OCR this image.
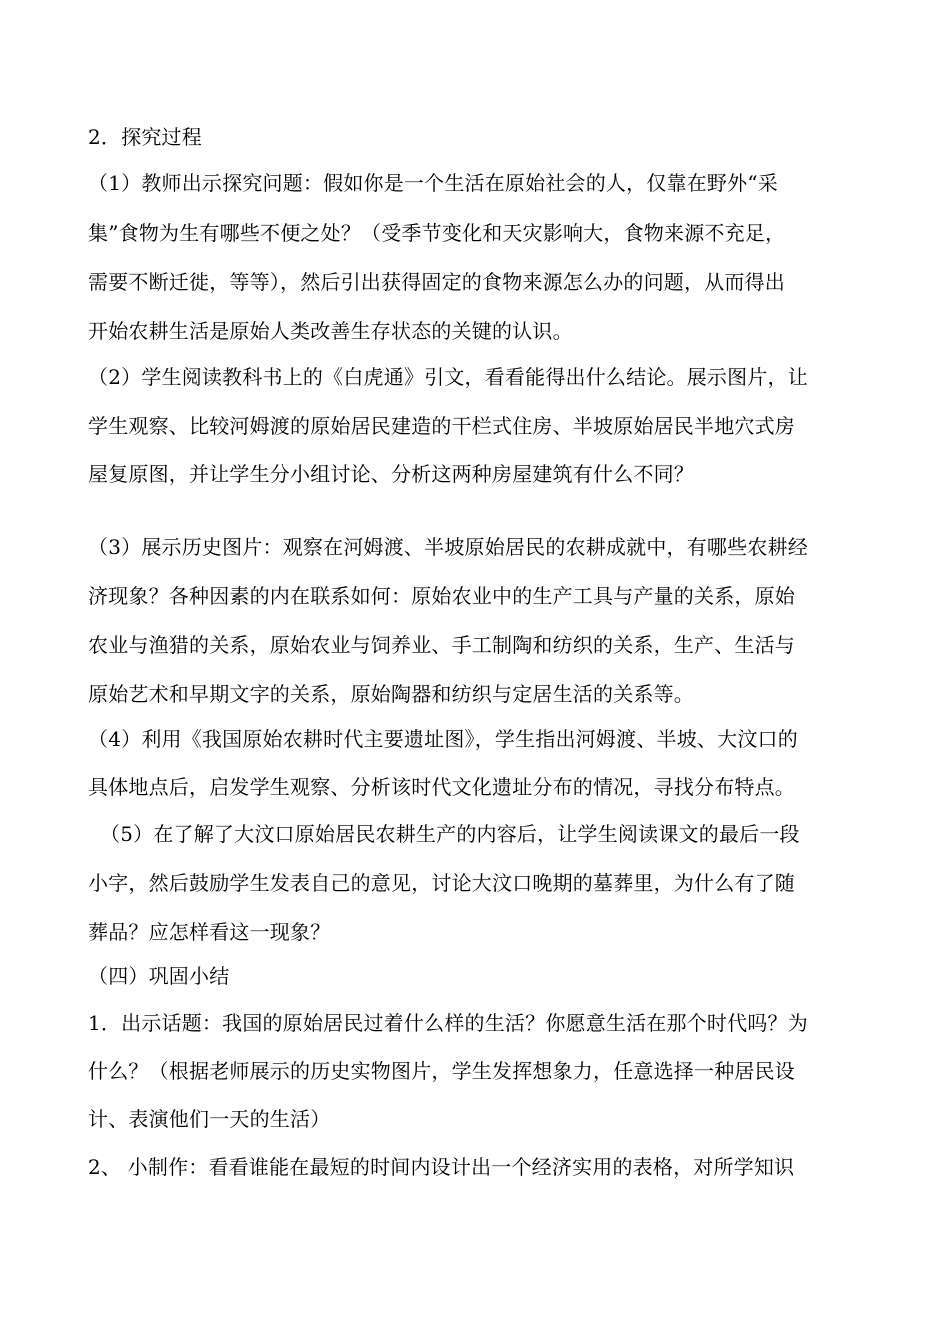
2．探究过程
（1）教师出示探究问题：假如你是一个生活在原始社会的人，仅靠在野外“采
集”食物为生有哪些不便之处？（受季节变化和天灾影响大，食物来源不充足，
需要不断迁徙，等等），然后引出获得固定的食物来源怎么办的问题，从而得出
开始农耕生活是原始人类改善生存状态的关键的认识。
（2）学生阅读教科书上的《白虎通》引文，看看能得出什么结论。展示图片，让
学生观察、比较河姆渡的原始居民建造的干栏式住房、半坡原始居民半地穴式房
屋复原图，并让学生分小组讨论、分析这两种房屋建筑有什么不同？
（3）展示历史图片：观察在河姆渡、半坡原始居民的农耕成就中，有哪些农耕经
济现象？各种因素的内在联系如何：原始农业中的生产工具与产量的关系，原始
农业与渔猎的关系，原始农业与饲养业、手工制陶和纺织的关系，生产、生活与
原始艺术和早期文字的关系，原始陶器和纺织与定居生活的关系等。
（4）利用《我国原始农耕时代主要遗址图》，学生指出河姆渡、半坡、大汶口的
具体地点后，启发学生观察、分析该时代文化遗址分布的情况，寻找分布特点。
（5）在了解了大汶口原始居民农耕生产的内容后，让学生阅读课文的最后一段
小字，然后鼓励学生发表自己的意见，讨论大汶口晚期的墓葬里，为什么有了随
葬品？应怎样看这一现象？
（四）巩固小结
1．出示话题：我国的原始居民过着什么样的生活？你愿意生活在那个时代吗？为
什么？（根据老师展示的历史实物图片，学生发挥想象力，任意选择一种居民设
计、表演他们一天的生活）
2、 小制作：看看谁能在最短的时间内设计出一个经济实用的表格，对所学知识
